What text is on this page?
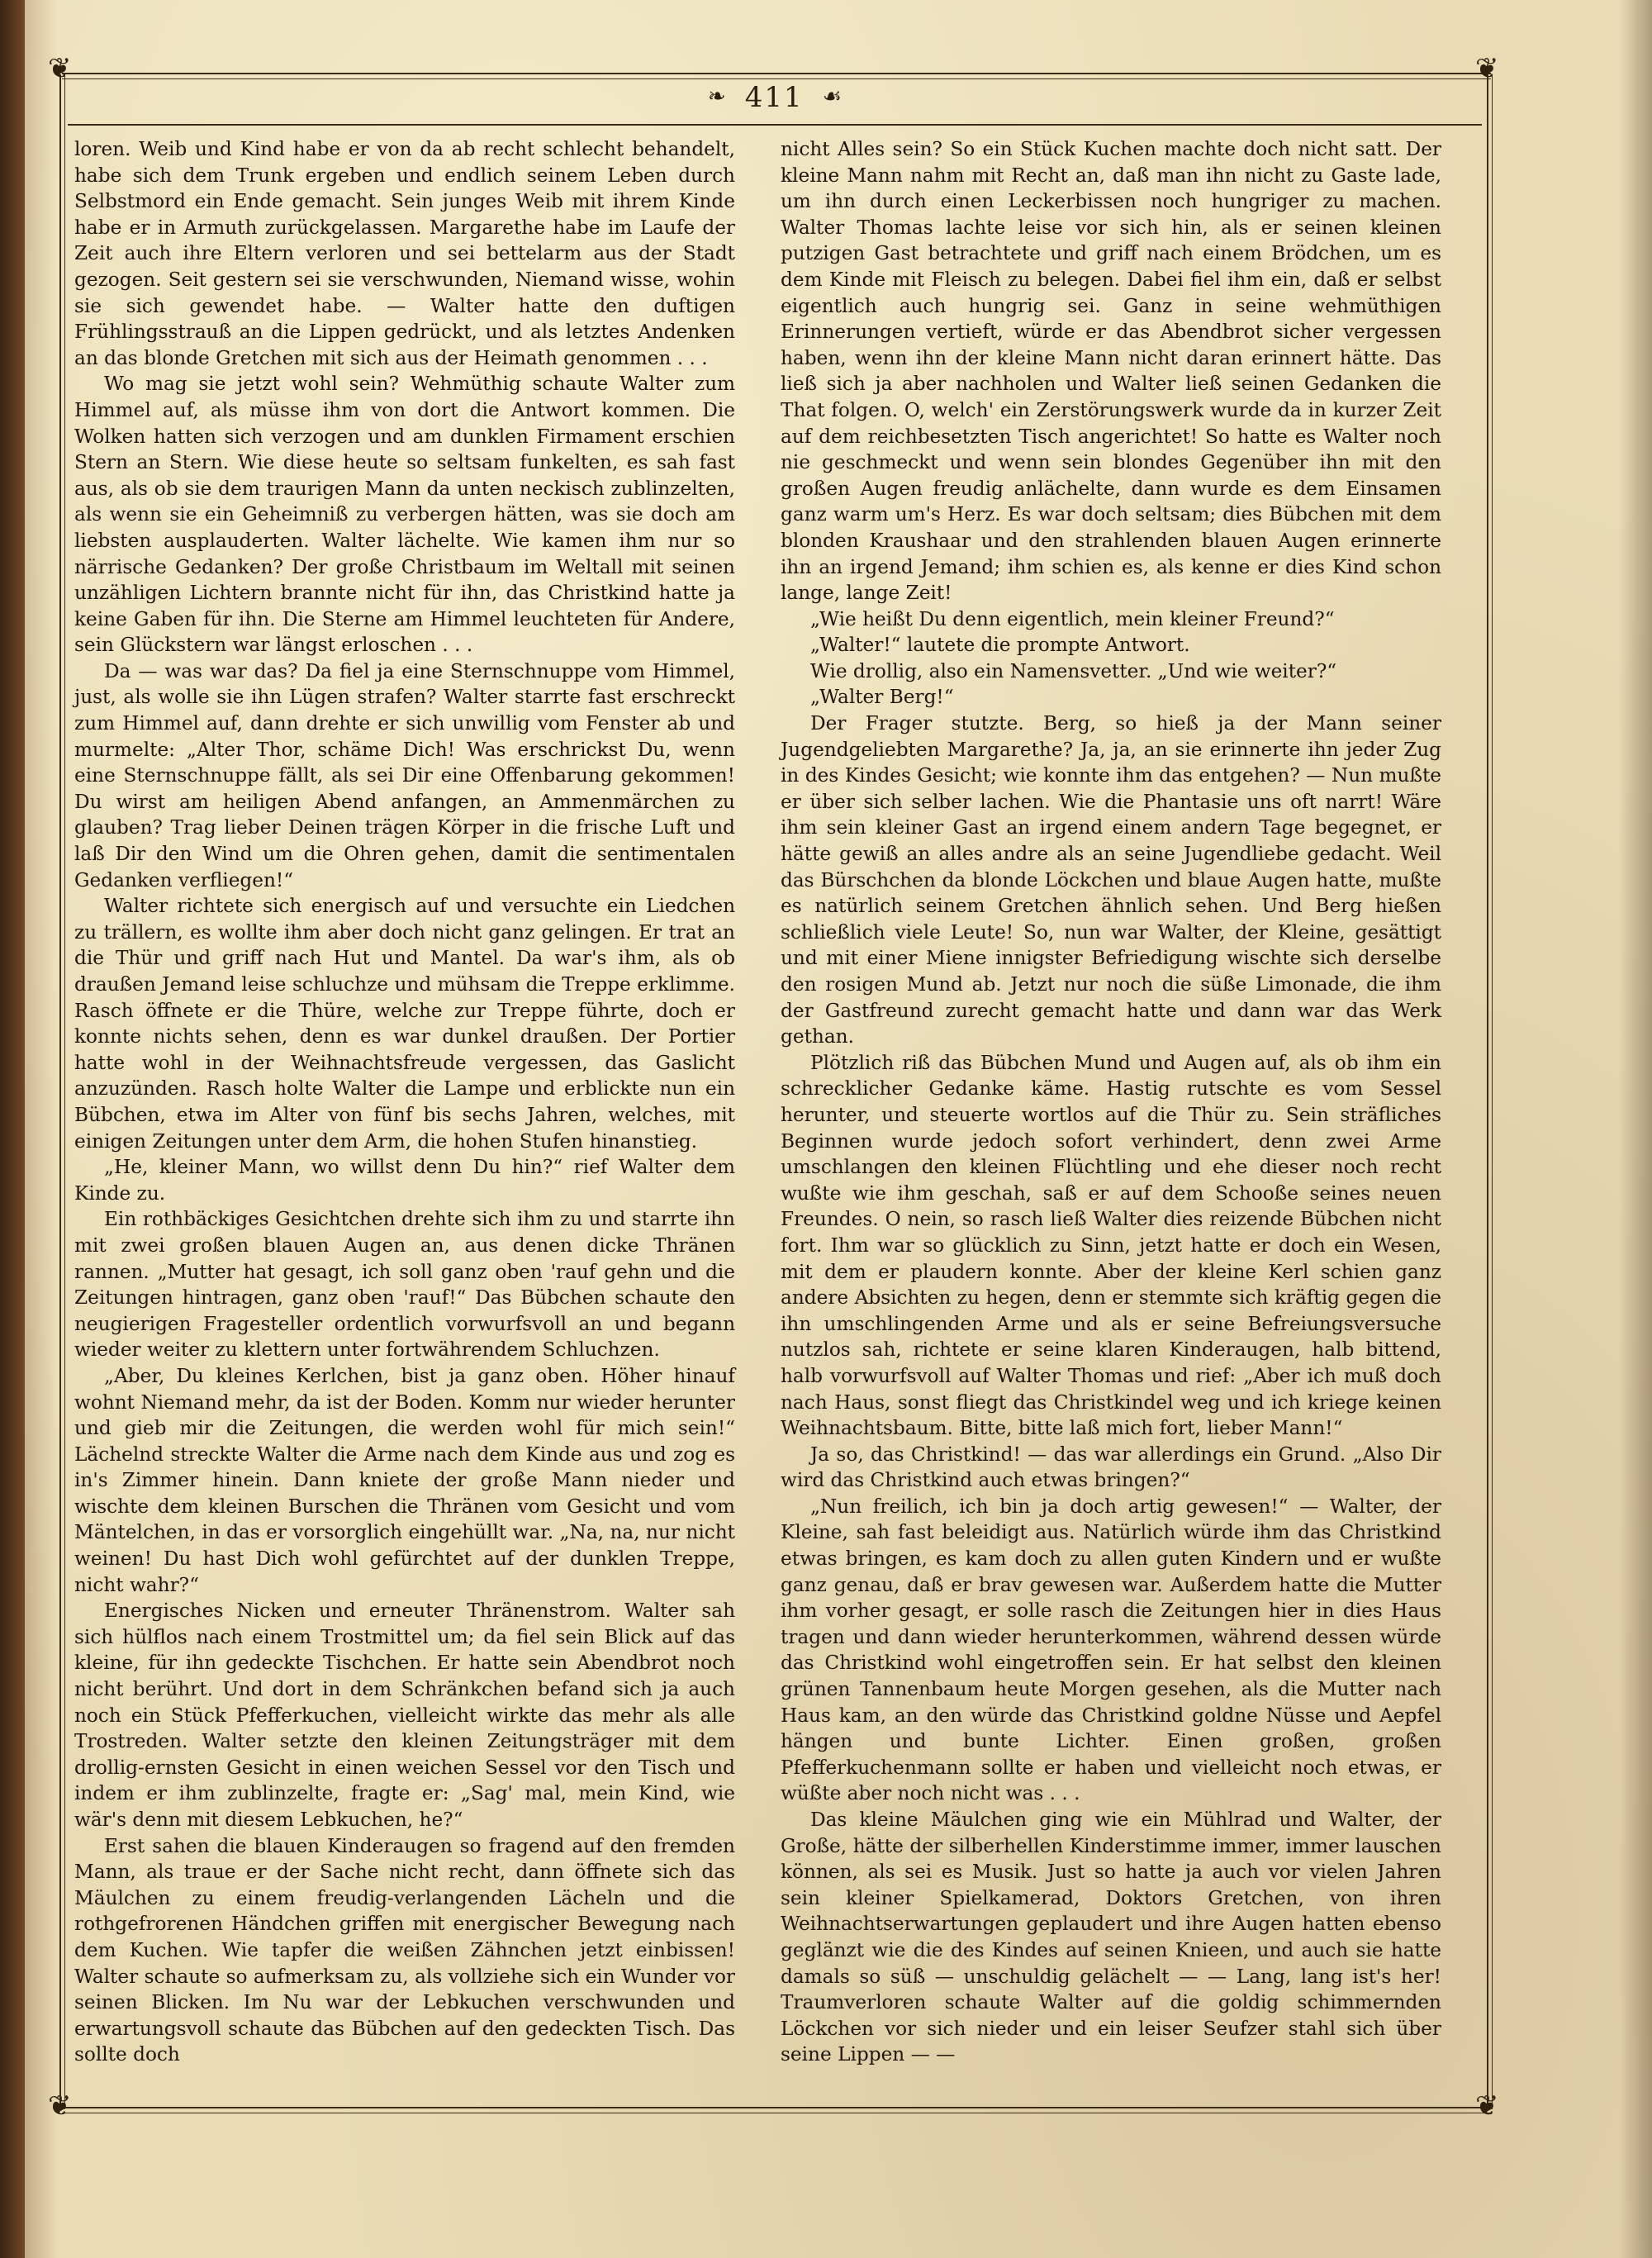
❦	❦
❦	❦
❧ 411 ☙

loren. Weib und Kind habe er von da ab recht schlecht behandelt, habe sich dem Trunk ergeben und endlich seinem Leben durch Selbstmord ein Ende gemacht. Sein junges Weib mit ihrem Kinde habe er in Armuth zurückgelassen. Margarethe habe im Laufe der Zeit auch ihre Eltern verloren und sei bettelarm aus der Stadt gezogen. Seit gestern sei sie verschwunden, Niemand wisse, wohin sie sich gewendet habe. — Walter hatte den duftigen Frühlingsstrauß an die Lippen gedrückt, und als letztes Andenken an das blonde Gretchen mit sich aus der Heimath genommen . . .

Wo mag sie jetzt wohl sein? Wehmüthig schaute Walter zum Himmel auf, als müsse ihm von dort die Antwort kommen. Die Wolken hatten sich verzogen und am dunklen Firmament erschien Stern an Stern. Wie diese heute so seltsam funkelten, es sah fast aus, als ob sie dem traurigen Mann da unten neckisch zublinzelten, als wenn sie ein Geheimniß zu verbergen hätten, was sie doch am liebsten ausplauderten. Walter lächelte. Wie kamen ihm nur so närrische Gedanken? Der große Christbaum im Weltall mit seinen unzähligen Lichtern brannte nicht für ihn, das Christkind hatte ja keine Gaben für ihn. Die Sterne am Himmel leuchteten für Andere, sein Glückstern war längst erloschen . . .

Da — was war das? Da fiel ja eine Sternschnuppe vom Himmel, just, als wolle sie ihn Lügen strafen? Walter starrte fast erschreckt zum Himmel auf, dann drehte er sich unwillig vom Fenster ab und murmelte: „Alter Thor, schäme Dich! Was erschrickst Du, wenn eine Sternschnuppe fällt, als sei Dir eine Offenbarung gekommen! Du wirst am heiligen Abend anfangen, an Ammenmärchen zu glauben? Trag lieber Deinen trägen Körper in die frische Luft und laß Dir den Wind um die Ohren gehen, damit die sentimentalen Gedanken verfliegen!“

Walter richtete sich energisch auf und versuchte ein Liedchen zu trällern, es wollte ihm aber doch nicht ganz gelingen. Er trat an die Thür und griff nach Hut und Mantel. Da war's ihm, als ob draußen Jemand leise schluchze und mühsam die Treppe erklimme. Rasch öffnete er die Thüre, welche zur Treppe führte, doch er konnte nichts sehen, denn es war dunkel draußen. Der Portier hatte wohl in der Weihnachtsfreude vergessen, das Gaslicht anzuzünden. Rasch holte Walter die Lampe und erblickte nun ein Bübchen, etwa im Alter von fünf bis sechs Jahren, welches, mit einigen Zeitungen unter dem Arm, die hohen Stufen hinanstieg.

„He, kleiner Mann, wo willst denn Du hin?“ rief Walter dem Kinde zu.

Ein rothbäckiges Gesichtchen drehte sich ihm zu und starrte ihn mit zwei großen blauen Augen an, aus denen dicke Thränen rannen. „Mutter hat gesagt, ich soll ganz oben 'rauf gehn und die Zeitungen hintragen, ganz oben 'rauf!“ Das Bübchen schaute den neugierigen Fragesteller ordentlich vorwurfsvoll an und begann wieder weiter zu klettern unter fortwährendem Schluchzen.

„Aber, Du kleines Kerlchen, bist ja ganz oben. Höher hinauf wohnt Niemand mehr, da ist der Boden. Komm nur wieder herunter und gieb mir die Zeitungen, die werden wohl für mich sein!“ Lächelnd streckte Walter die Arme nach dem Kinde aus und zog es in's Zimmer hinein. Dann kniete der große Mann nieder und wischte dem kleinen Burschen die Thränen vom Gesicht und vom Mäntelchen, in das er vorsorglich eingehüllt war. „Na, na, nur nicht weinen! Du hast Dich wohl gefürchtet auf der dunklen Treppe, nicht wahr?“

Energisches Nicken und erneuter Thränenstrom. Walter sah sich hülflos nach einem Trostmittel um; da fiel sein Blick auf das kleine, für ihn gedeckte Tischchen. Er hatte sein Abendbrot noch nicht berührt. Und dort in dem Schränkchen befand sich ja auch noch ein Stück Pfefferkuchen, vielleicht wirkte das mehr als alle Trostreden. Walter setzte den kleinen Zeitungsträger mit dem drollig-ernsten Gesicht in einen weichen Sessel vor den Tisch und indem er ihm zublinzelte, fragte er: „Sag' mal, mein Kind, wie wär's denn mit diesem Lebkuchen, he?“

Erst sahen die blauen Kinderaugen so fragend auf den fremden Mann, als traue er der Sache nicht recht, dann öffnete sich das Mäulchen zu einem freudig-verlangenden Lächeln und die rothgefrorenen Händchen griffen mit energischer Bewegung nach dem Kuchen. Wie tapfer die weißen Zähnchen jetzt einbissen! Walter schaute so aufmerksam zu, als vollziehe sich ein Wunder vor seinen Blicken. Im Nu war der Lebkuchen verschwunden und erwartungsvoll schaute das Bübchen auf den gedeckten Tisch. Das sollte doch

nicht Alles sein? So ein Stück Kuchen machte doch nicht satt. Der kleine Mann nahm mit Recht an, daß man ihn nicht zu Gaste lade, um ihn durch einen Leckerbissen noch hungriger zu machen. Walter Thomas lachte leise vor sich hin, als er seinen kleinen putzigen Gast betrachtete und griff nach einem Brödchen, um es dem Kinde mit Fleisch zu belegen. Dabei fiel ihm ein, daß er selbst eigentlich auch hungrig sei. Ganz in seine wehmüthigen Erinnerungen vertieft, würde er das Abendbrot sicher vergessen haben, wenn ihn der kleine Mann nicht daran erinnert hätte. Das ließ sich ja aber nachholen und Walter ließ seinen Gedanken die That folgen. O, welch' ein Zerstörungswerk wurde da in kurzer Zeit auf dem reichbesetzten Tisch angerichtet! So hatte es Walter noch nie geschmeckt und wenn sein blondes Gegenüber ihn mit den großen Augen freudig anlächelte, dann wurde es dem Einsamen ganz warm um's Herz. Es war doch seltsam; dies Bübchen mit dem blonden Kraushaar und den strahlenden blauen Augen erinnerte ihn an irgend Jemand; ihm schien es, als kenne er dies Kind schon lange, lange Zeit!

„Wie heißt Du denn eigentlich, mein kleiner Freund?“

„Walter!“ lautete die prompte Antwort.

Wie drollig, also ein Namensvetter. „Und wie weiter?“

„Walter Berg!“

Der Frager stutzte. Berg, so hieß ja der Mann seiner Jugendgeliebten Margarethe? Ja, ja, an sie erinnerte ihn jeder Zug in des Kindes Gesicht; wie konnte ihm das entgehen? — Nun mußte er über sich selber lachen. Wie die Phantasie uns oft narrt! Wäre ihm sein kleiner Gast an irgend einem andern Tage begegnet, er hätte gewiß an alles andre als an seine Jugendliebe gedacht. Weil das Bürschchen da blonde Löckchen und blaue Augen hatte, mußte es natürlich seinem Gretchen ähnlich sehen. Und Berg hießen schließlich viele Leute! So, nun war Walter, der Kleine, gesättigt und mit einer Miene innigster Befriedigung wischte sich derselbe den rosigen Mund ab. Jetzt nur noch die süße Limonade, die ihm der Gastfreund zurecht gemacht hatte und dann war das Werk gethan.

Plötzlich riß das Bübchen Mund und Augen auf, als ob ihm ein schrecklicher Gedanke käme. Hastig rutschte es vom Sessel herunter, und steuerte wortlos auf die Thür zu. Sein sträfliches Beginnen wurde jedoch sofort verhindert, denn zwei Arme umschlangen den kleinen Flüchtling und ehe dieser noch recht wußte wie ihm geschah, saß er auf dem Schooße seines neuen Freundes. O nein, so rasch ließ Walter dies reizende Bübchen nicht fort. Ihm war so glücklich zu Sinn, jetzt hatte er doch ein Wesen, mit dem er plaudern konnte. Aber der kleine Kerl schien ganz andere Absichten zu hegen, denn er stemmte sich kräftig gegen die ihn umschlingenden Arme und als er seine Befreiungsversuche nutzlos sah, richtete er seine klaren Kinderaugen, halb bittend, halb vorwurfsvoll auf Walter Thomas und rief: „Aber ich muß doch nach Haus, sonst fliegt das Christkindel weg und ich kriege keinen Weihnachtsbaum. Bitte, bitte laß mich fort, lieber Mann!“

Ja so, das Christkind! — das war allerdings ein Grund. „Also Dir wird das Christkind auch etwas bringen?“

„Nun freilich, ich bin ja doch artig gewesen!“ — Walter, der Kleine, sah fast beleidigt aus. Natürlich würde ihm das Christkind etwas bringen, es kam doch zu allen guten Kindern und er wußte ganz genau, daß er brav gewesen war. Außerdem hatte die Mutter ihm vorher gesagt, er solle rasch die Zeitungen hier in dies Haus tragen und dann wieder herunterkommen, während dessen würde das Christkind wohl eingetroffen sein. Er hat selbst den kleinen grünen Tannenbaum heute Morgen gesehen, als die Mutter nach Haus kam, an den würde das Christkind goldne Nüsse und Aepfel hängen und bunte Lichter. Einen großen, großen Pfefferkuchenmann sollte er haben und vielleicht noch etwas, er wüßte aber noch nicht was . . .

Das kleine Mäulchen ging wie ein Mühlrad und Walter, der Große, hätte der silberhellen Kinderstimme immer, immer lauschen können, als sei es Musik. Just so hatte ja auch vor vielen Jahren sein kleiner Spielkamerad, Doktors Gretchen, von ihren Weihnachtserwartungen geplaudert und ihre Augen hatten ebenso geglänzt wie die des Kindes auf seinen Knieen, und auch sie hatte damals so süß — unschuldig gelächelt — — Lang, lang ist's her! Traumverloren schaute Walter auf die goldig schimmernden Löckchen vor sich nieder und ein leiser Seufzer stahl sich über seine Lippen — —
